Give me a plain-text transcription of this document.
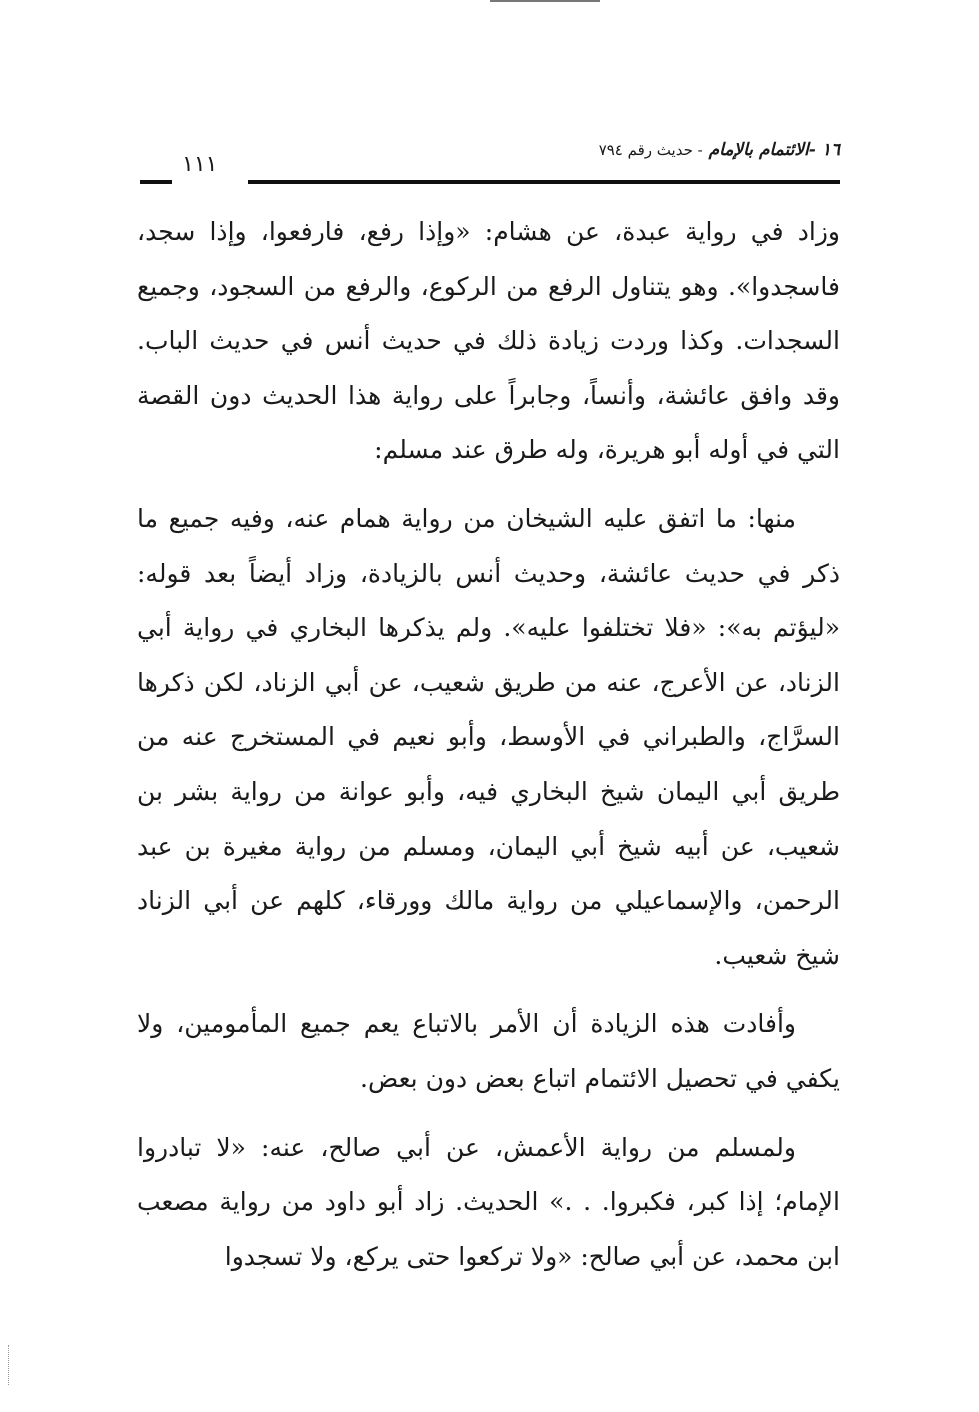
١٦ -الائتمام بالإمام - حديث رقم ٧٩٤
١١١

وزاد في رواية عبدة، عن هشام: «وإذا رفع، فارفعوا، وإذا سجد، فاسجدوا». وهو يتناول الرفع من الركوع، والرفع من السجود، وجميع السجدات. وكذا وردت زيادة ذلك في حديث أنس في حديث الباب. وقد وافق عائشة، وأنساً، وجابراً على رواية هذا الحديث دون القصة التي في أوله أبو هريرة، وله طرق عند مسلم:

منها: ما اتفق عليه الشيخان من رواية همام عنه، وفيه جميع ما ذكر في حديث عائشة، وحديث أنس بالزيادة، وزاد أيضاً بعد قوله: «ليؤتم به»: «فلا تختلفوا عليه». ولم يذكرها البخاري في رواية أبي الزناد، عن الأعرج، عنه من طريق شعيب، عن أبي الزناد، لكن ذكرها السرَّاج، والطبراني في الأوسط، وأبو نعيم في المستخرج عنه من طريق أبي اليمان شيخ البخاري فيه، وأبو عوانة من رواية بشر بن شعيب، عن أبيه شيخ أبي اليمان، ومسلم من رواية مغيرة بن عبد الرحمن، والإسماعيلي من رواية مالك وورقاء، كلهم عن أبي الزناد شيخ شعيب.

وأفادت هذه الزيادة أن الأمر بالاتباع يعم جميع المأمومين، ولا يكفي في تحصيل الائتمام اتباع بعض دون بعض.

ولمسلم من رواية الأعمش، عن أبي صالح، عنه: «لا تبادروا الإمام؛ إذا كبر، فكبروا. . .» الحديث. زاد أبو داود من رواية مصعب ابن محمد، عن أبي صالح: «ولا تركعوا حتى يركع، ولا تسجدوا
